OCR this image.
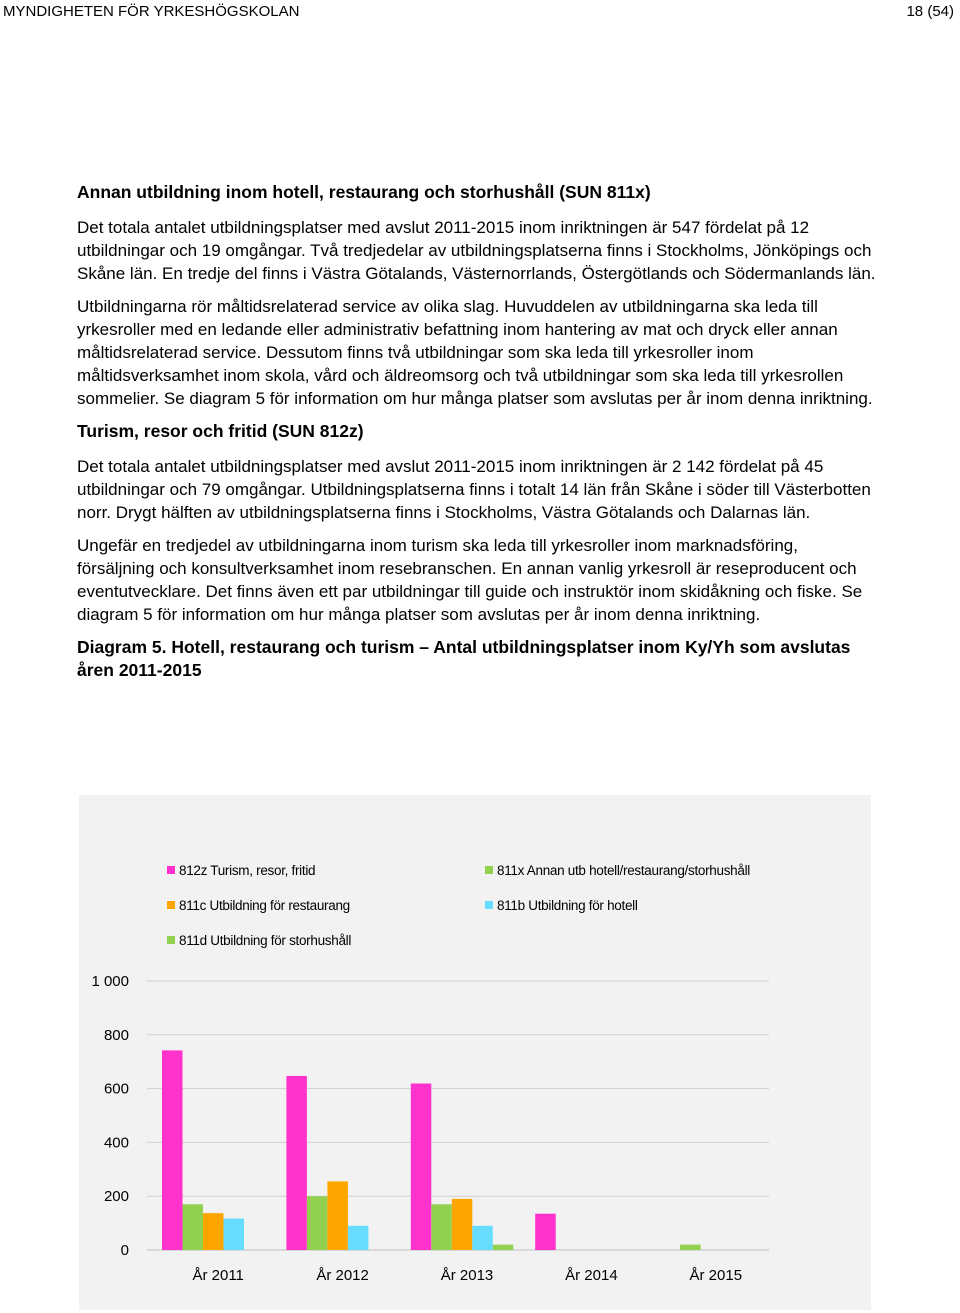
MYNDIGHETEN FÖR YRKESHÖGSKOLAN	18 (54)
Annan utbildning inom hotell, restaurang och storhushåll (SUN 811x)

Det totala antalet utbildningsplatser med avslut 2011-2015 inom inriktningen är 547 fördelat på 12 utbildningar och 19 omgångar. Två tredjedelar av utbildningsplatserna finns i Stockholms, Jönköpings och Skåne län. En tredje del finns i Västra Götalands, Västernorrlands, Östergötlands och Södermanlands län.

Utbildningarna rör måltidsrelaterad service av olika slag. Huvuddelen av utbildningarna ska leda till yrkesroller med en ledande eller administrativ befattning inom hantering av mat och dryck eller annan måltidsrelaterad service. Dessutom finns två utbildningar som ska leda till yrkesroller inom måltidsverksamhet inom skola, vård och äldreomsorg och två utbildningar som ska leda till yrkesrollen sommelier. Se diagram 5 för information om hur många platser som avslutas per år inom denna inriktning.

Turism, resor och fritid (SUN 812z)

Det totala antalet utbildningsplatser med avslut 2011-2015 inom inriktningen är 2 142 fördelat på 45 utbildningar och 79 omgångar. Utbildningsplatserna finns i totalt 14 län från Skåne i söder till Västerbotten norr. Drygt hälften av utbildningsplatserna finns i Stockholms, Västra Götalands och Dalarnas län.

Ungefär en tredjedel av utbildningarna inom turism ska leda till yrkesroller inom marknadsföring, försäljning och konsultverksamhet inom resebranschen. En annan vanlig yrkesroll är reseproducent och eventutvecklare. Det finns även ett par utbildningar till guide och instruktör inom skidåkning och fiske. Se diagram 5 för information om hur många platser som avslutas per år inom denna inriktning.

Diagram 5. Hotell, restaurang och turism – Antal utbildningsplatser inom Ky/Yh som avslutas åren 2011-2015
812z Turism, resor, fritid	811x Annan utb hotell/restaurang/storhushåll
811c Utbildning för restaurang	811b Utbildning för hotell
811d Utbildning för storhushåll
0
200
400
600
800
1 000
År 2011	År 2012	År 2013	År 2014	År 2015
